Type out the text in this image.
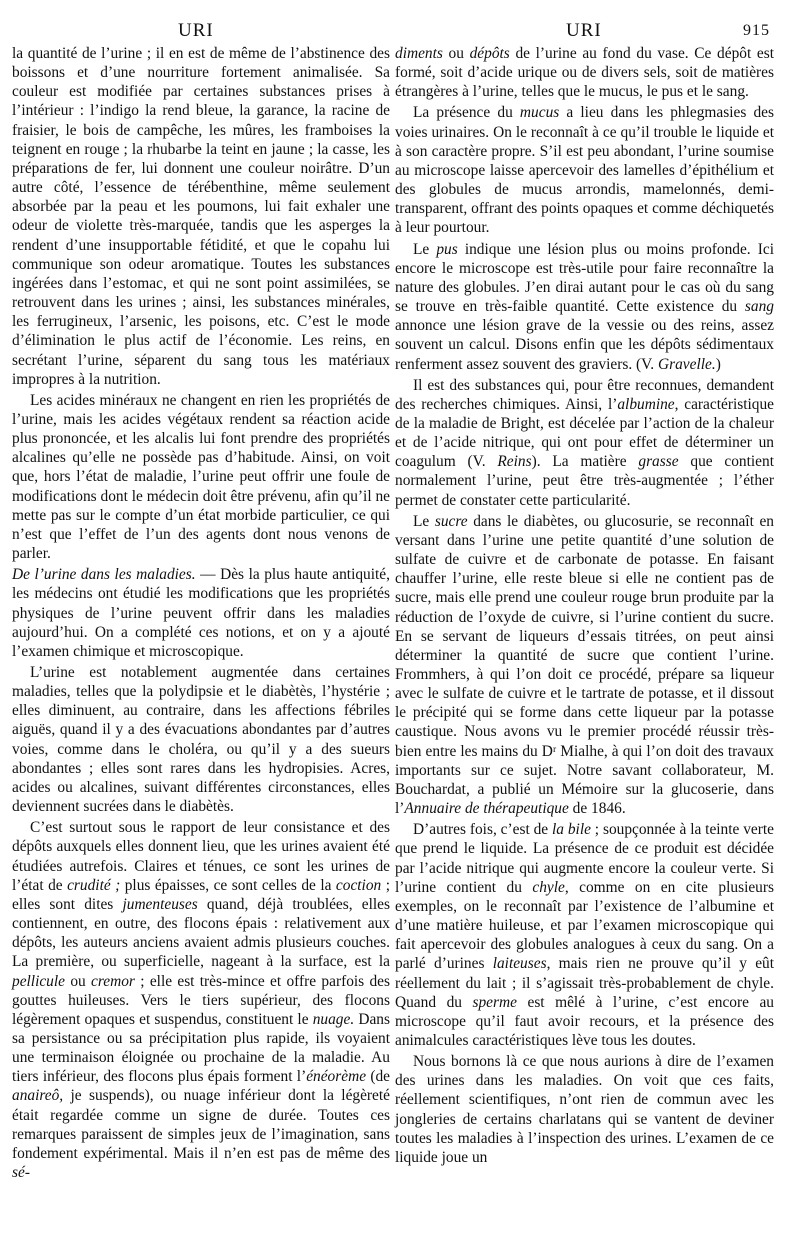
URI	URI	915

la quantité de l’urine ; il en est de même de l’abstinence des boissons et d’une nourriture fortement animalisée. Sa couleur est modifiée par certaines substances prises à l’intérieur : l’indigo la rend bleue, la garance, la racine de fraisier, le bois de campêche, les mûres, les framboises la teignent en rouge ; la rhubarbe la teint en jaune ; la casse, les préparations de fer, lui donnent une couleur noirâtre. D’un autre côté, l’essence de térébenthine, même seulement absorbée par la peau et les poumons, lui fait exhaler une odeur de violette très-marquée, tandis que les asperges la rendent d’une insupportable fétidité, et que le copahu lui communique son odeur aromatique. Toutes les substances ingérées dans l’estomac, et qui ne sont point assimilées, se retrouvent dans les urines ; ainsi, les substances minérales, les ferrugineux, l’arsenic, les poisons, etc. C’est le mode d’élimination le plus actif de l’économie. Les reins, en secrétant l’urine, séparent du sang tous les matériaux impropres à la nutrition.

Les acides minéraux ne changent en rien les propriétés de l’urine, mais les acides végétaux rendent sa réaction acide plus prononcée, et les alcalis lui font prendre des propriétés alcalines qu’elle ne possède pas d’habitude. Ainsi, on voit que, hors l’état de maladie, l’urine peut offrir une foule de modifications dont le médecin doit être prévenu, afin qu’il ne mette pas sur le compte d’un état morbide particulier, ce qui n’est que l’effet de l’un des agents dont nous venons de parler.

De l’urine dans les maladies. — Dès la plus haute antiquité, les médecins ont étudié les modifications que les propriétés physiques de l’urine peuvent offrir dans les maladies aujourd’hui. On a complété ces notions, et on y a ajouté l’examen chimique et microscopique.

L’urine est notablement augmentée dans certaines maladies, telles que la polydipsie et le diabètès, l’hystérie ; elles diminuent, au contraire, dans les affections fébriles aiguës, quand il y a des évacuations abondantes par d’autres voies, comme dans le choléra, ou qu’il y a des sueurs abondantes ; elles sont rares dans les hydropisies. Acres, acides ou alcalines, suivant différentes circonstances, elles deviennent sucrées dans le diabètès.

C’est surtout sous le rapport de leur consistance et des dépôts auxquels elles donnent lieu, que les urines avaient été étudiées autrefois. Claires et ténues, ce sont les urines de l’état de crudité ; plus épaisses, ce sont celles de la coction ; elles sont dites jumenteuses quand, déjà troublées, elles contiennent, en outre, des flocons épais : relativement aux dépôts, les auteurs anciens avaient admis plusieurs couches. La première, ou superficielle, nageant à la surface, est la pellicule ou cremor ; elle est très-mince et offre parfois des gouttes huileuses. Vers le tiers supérieur, des flocons légèrement opaques et suspendus, constituent le nuage. Dans sa persistance ou sa précipitation plus rapide, ils voyaient une terminaison éloignée ou prochaine de la maladie. Au tiers inférieur, des flocons plus épais forment l’énéorème (de anaireô, je suspends), ou nuage inférieur dont la légèreté était regardée comme un signe de durée. Toutes ces remarques paraissent de simples jeux de l’imagination, sans fondement expérimental. Mais il n’en est pas de même des sé-

diments ou dépôts de l’urine au fond du vase. Ce dépôt est formé, soit d’acide urique ou de divers sels, soit de matières étrangères à l’urine, telles que le mucus, le pus et le sang.

La présence du mucus a lieu dans les phlegmasies des voies urinaires. On le reconnaît à ce qu’il trouble le liquide et à son caractère propre. S’il est peu abondant, l’urine soumise au microscope laisse apercevoir des lamelles d’épithélium et des globules de mucus arrondis, mamelonnés, demi-transparent, offrant des points opaques et comme déchiquetés à leur pourtour.

Le pus indique une lésion plus ou moins profonde. Ici encore le microscope est très-utile pour faire reconnaître la nature des globules. J’en dirai autant pour le cas où du sang se trouve en très-faible quantité. Cette existence du sang annonce une lésion grave de la vessie ou des reins, assez souvent un calcul. Disons enfin que les dépôts sédimentaux renferment assez souvent des graviers. (V. Gravelle.)

Il est des substances qui, pour être reconnues, demandent des recherches chimiques. Ainsi, l’albumine, caractéristique de la maladie de Bright, est décelée par l’action de la chaleur et de l’acide nitrique, qui ont pour effet de déterminer un coagulum (V. Reins). La matière grasse que contient normalement l’urine, peut être très-augmentée ; l’éther permet de constater cette particularité.

Le sucre dans le diabètes, ou glucosurie, se reconnaît en versant dans l’urine une petite quantité d’une solution de sulfate de cuivre et de carbonate de potasse. En faisant chauffer l’urine, elle reste bleue si elle ne contient pas de sucre, mais elle prend une couleur rouge brun produite par la réduction de l’oxyde de cuivre, si l’urine contient du sucre. En se servant de liqueurs d’essais titrées, on peut ainsi déterminer la quantité de sucre que contient l’urine. Frommhers, à qui l’on doit ce procédé, prépare sa liqueur avec le sulfate de cuivre et le tartrate de potasse, et il dissout le précipité qui se forme dans cette liqueur par la potasse caustique. Nous avons vu le premier procédé réussir très-bien entre les mains du Dʳ Mialhe, à qui l’on doit des travaux importants sur ce sujet. Notre savant collaborateur, M. Bouchardat, a publié un Mémoire sur la glucoserie, dans l’Annuaire de thérapeutique de 1846.

D’autres fois, c’est de la bile ; soupçonnée à la teinte verte que prend le liquide. La présence de ce produit est décidée par l’acide nitrique qui augmente encore la couleur verte. Si l’urine contient du chyle, comme on en cite plusieurs exemples, on le reconnaît par l’existence de l’albumine et d’une matière huileuse, et par l’examen microscopique qui fait apercevoir des globules analogues à ceux du sang. On a parlé d’urines laiteuses, mais rien ne prouve qu’il y eût réellement du lait ; il s’agissait très-probablement de chyle. Quand du sperme est mêlé à l’urine, c’est encore au microscope qu’il faut avoir recours, et la présence des animalcules caractéristiques lève tous les doutes.

Nous bornons là ce que nous aurions à dire de l’examen des urines dans les maladies. On voit que ces faits, réellement scientifiques, n’ont rien de commun avec les jongleries de certains charlatans qui se vantent de deviner toutes les maladies à l’inspection des urines. L’examen de ce liquide joue un
